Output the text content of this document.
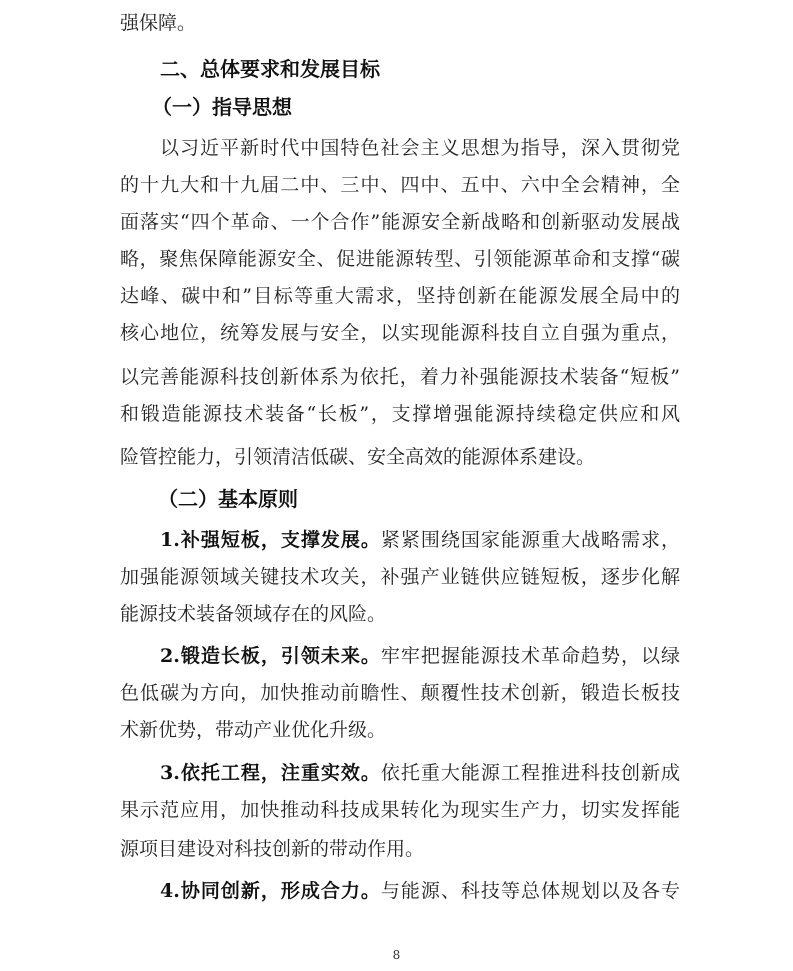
强保障。
二、总体要求和发展目标
（一）指导思想
以习近平新时代中国特色社会主义思想为指导，深入贯彻党
的十九大和十九届二中、三中、四中、五中、六中全会精神，全
面落实“四个革命、一个合作”能源安全新战略和创新驱动发展战
略，聚焦保障能源安全、促进能源转型、引领能源革命和支撑“碳
达峰、碳中和”目标等重大需求，坚持创新在能源发展全局中的
核心地位，统筹发展与安全，以实现能源科技自立自强为重点，
以完善能源科技创新体系为依托，着力补强能源技术装备“短板”
和锻造能源技术装备“长板”，支撑增强能源持续稳定供应和风
险管控能力，引领清洁低碳、安全高效的能源体系建设。
（二）基本原则
1.补强短板，支撑发展。紧紧围绕国家能源重大战略需求，
加强能源领域关键技术攻关，补强产业链供应链短板，逐步化解
能源技术装备领域存在的风险。
2.锻造长板，引领未来。牢牢把握能源技术革命趋势，以绿
色低碳为方向，加快推动前瞻性、颠覆性技术创新，锻造长板技
术新优势，带动产业优化升级。
3.依托工程，注重实效。依托重大能源工程推进科技创新成
果示范应用，加快推动科技成果转化为现实生产力，切实发挥能
源项目建设对科技创新的带动作用。
4.协同创新，形成合力。与能源、科技等总体规划以及各专
8
